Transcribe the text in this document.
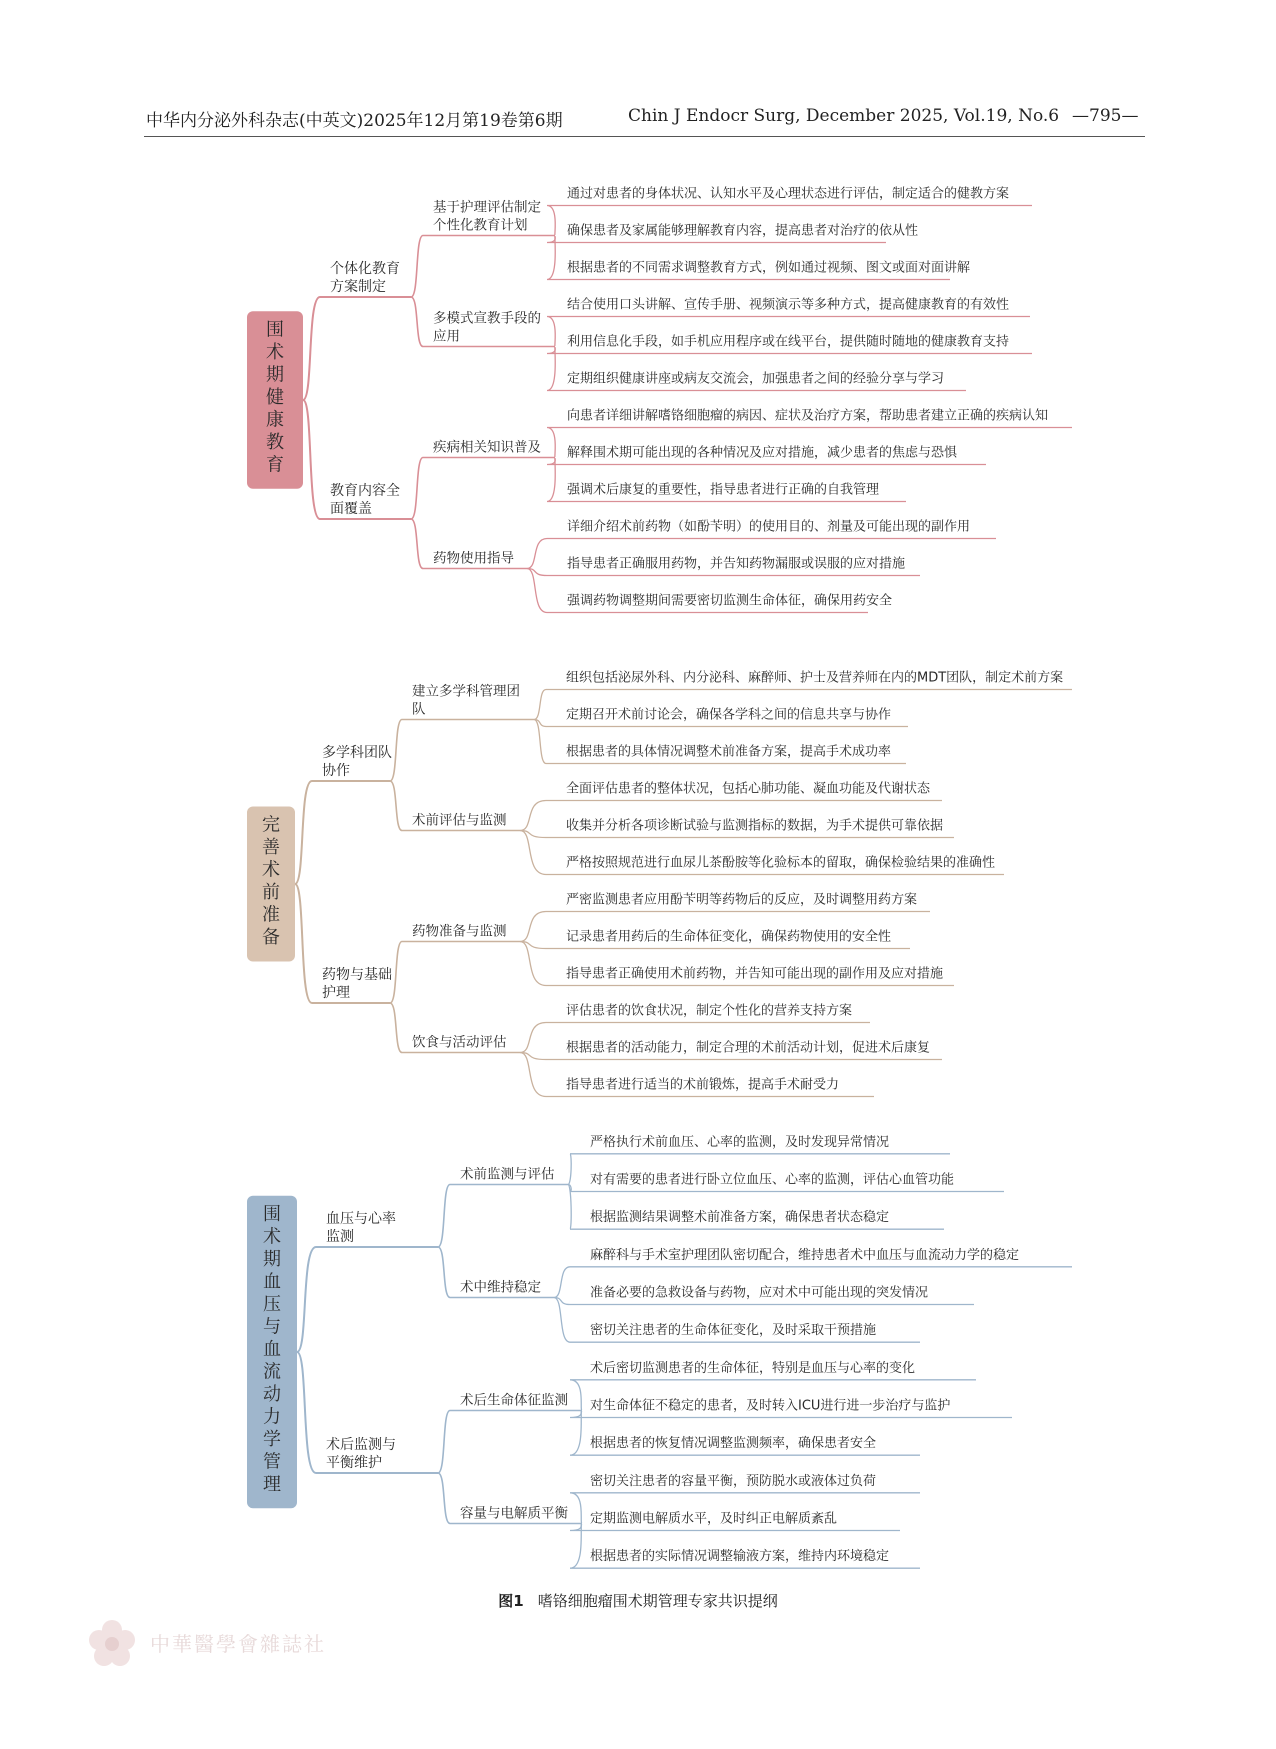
中华内分泌外科杂志(中英文)2025年12月第19卷第6期	Chin J Endocr Surg, December 2025, Vol.19, No.6 —795—
围
术
期
健
康
教
育
个体化教育
方案制定
基于护理评估制定
个性化教育计划
通过对患者的身体状况、认知水平及心理状态进行评估，制定适合的健教方案
确保患者及家属能够理解教育内容，提高患者对治疗的依从性
根据患者的不同需求调整教育方式，例如通过视频、图文或面对面讲解
多模式宣教手段的
应用
结合使用口头讲解、宣传手册、视频演示等多种方式，提高健康教育的有效性
利用信息化手段，如手机应用程序或在线平台，提供随时随地的健康教育支持
定期组织健康讲座或病友交流会，加强患者之间的经验分享与学习
教育内容全
面覆盖
疾病相关知识普及
向患者详细讲解嗜铬细胞瘤的病因、症状及治疗方案，帮助患者建立正确的疾病认知
解释围术期可能出现的各种情况及应对措施，减少患者的焦虑与恐惧
强调术后康复的重要性，指导患者进行正确的自我管理
药物使用指导
详细介绍术前药物（如酚苄明）的使用目的、剂量及可能出现的副作用
指导患者正确服用药物，并告知药物漏服或误服的应对措施
强调药物调整期间需要密切监测生命体征，确保用药安全
完
善
术
前
准
备
多学科团队
协作
建立多学科管理团
队
组织包括泌尿外科、内分泌科、麻醉师、护士及营养师在内的MDT团队，制定术前方案
定期召开术前讨论会，确保各学科之间的信息共享与协作
根据患者的具体情况调整术前准备方案，提高手术成功率
术前评估与监测
全面评估患者的整体状况，包括心肺功能、凝血功能及代谢状态
收集并分析各项诊断试验与监测指标的数据，为手术提供可靠依据
严格按照规范进行血尿儿茶酚胺等化验标本的留取，确保检验结果的准确性
药物与基础
护理
药物准备与监测
严密监测患者应用酚苄明等药物后的反应，及时调整用药方案
记录患者用药后的生命体征变化，确保药物使用的安全性
指导患者正确使用术前药物，并告知可能出现的副作用及应对措施
饮食与活动评估
评估患者的饮食状况，制定个性化的营养支持方案
根据患者的活动能力，制定合理的术前活动计划，促进术后康复
指导患者进行适当的术前锻炼，提高手术耐受力
围
术
期
血
压
与
血
流
动
力
学
管
理
血压与心率
监测
术前监测与评估
严格执行术前血压、心率的监测，及时发现异常情况
对有需要的患者进行卧立位血压、心率的监测，评估心血管功能
根据监测结果调整术前准备方案，确保患者状态稳定
术中维持稳定
麻醉科与手术室护理团队密切配合，维持患者术中血压与血流动力学的稳定
准备必要的急救设备与药物，应对术中可能出现的突发情况
密切关注患者的生命体征变化，及时采取干预措施
术后监测与
平衡维护
术后生命体征监测
术后密切监测患者的生命体征，特别是血压与心率的变化
对生命体征不稳定的患者，及时转入ICU进行进一步治疗与监护
根据患者的恢复情况调整监测频率，确保患者安全
容量与电解质平衡
密切关注患者的容量平衡，预防脱水或液体过负荷
定期监测电解质水平，及时纠正电解质紊乱
根据患者的实际情况调整输液方案，维持内环境稳定
图1 嗜铬细胞瘤围术期管理专家共识提纲
中華醫學會雜誌社
